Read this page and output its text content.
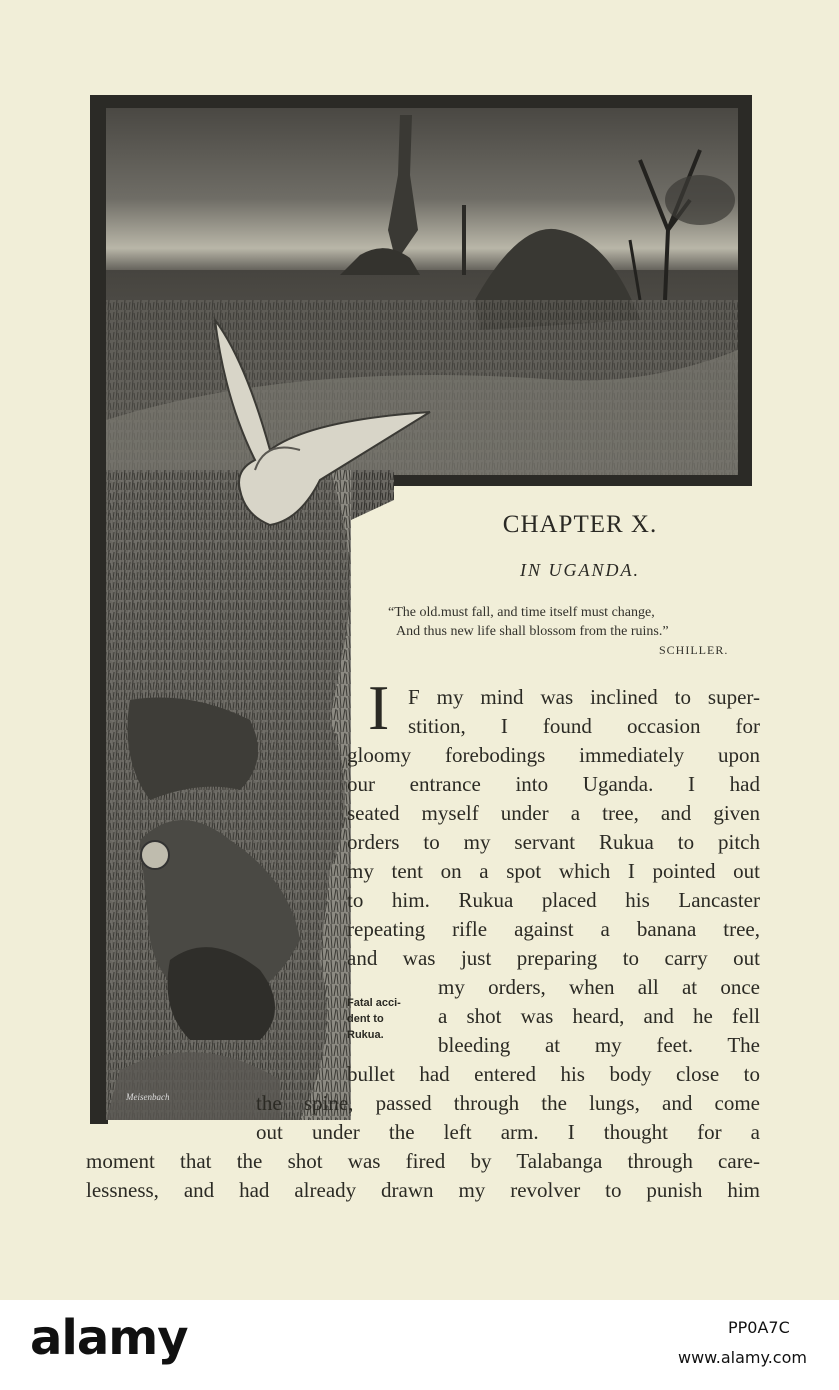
Meisenbach
CHAPTER X.
IN UGANDA.
“The old.must fall, and time itself must change,
And thus new life shall blossom from the ruins.”
SCHILLER.
I F my mind was inclined to super-
stition, I found occasion for
gloomy forebodings immediately upon
our entrance into Uganda. I had
seated myself under a tree, and given
orders to my servant Rukua to pitch
my tent on a spot which I pointed out
to him. Rukua placed his Lancaster
repeating rifle against a banana tree,
and was just preparing to carry out
my orders, when all at once
a shot was heard, and he fell
bleeding at my feet. The
bullet had entered his body close to
the spine, passed through the lungs, and come
out under the left arm. I thought for a
moment that the shot was fired by Talabanga through care-
lessness, and had already drawn my revolver to punish him
Fatal acci-
dent to
Rukua.
alamy	PP0A7C
www.alamy.com
